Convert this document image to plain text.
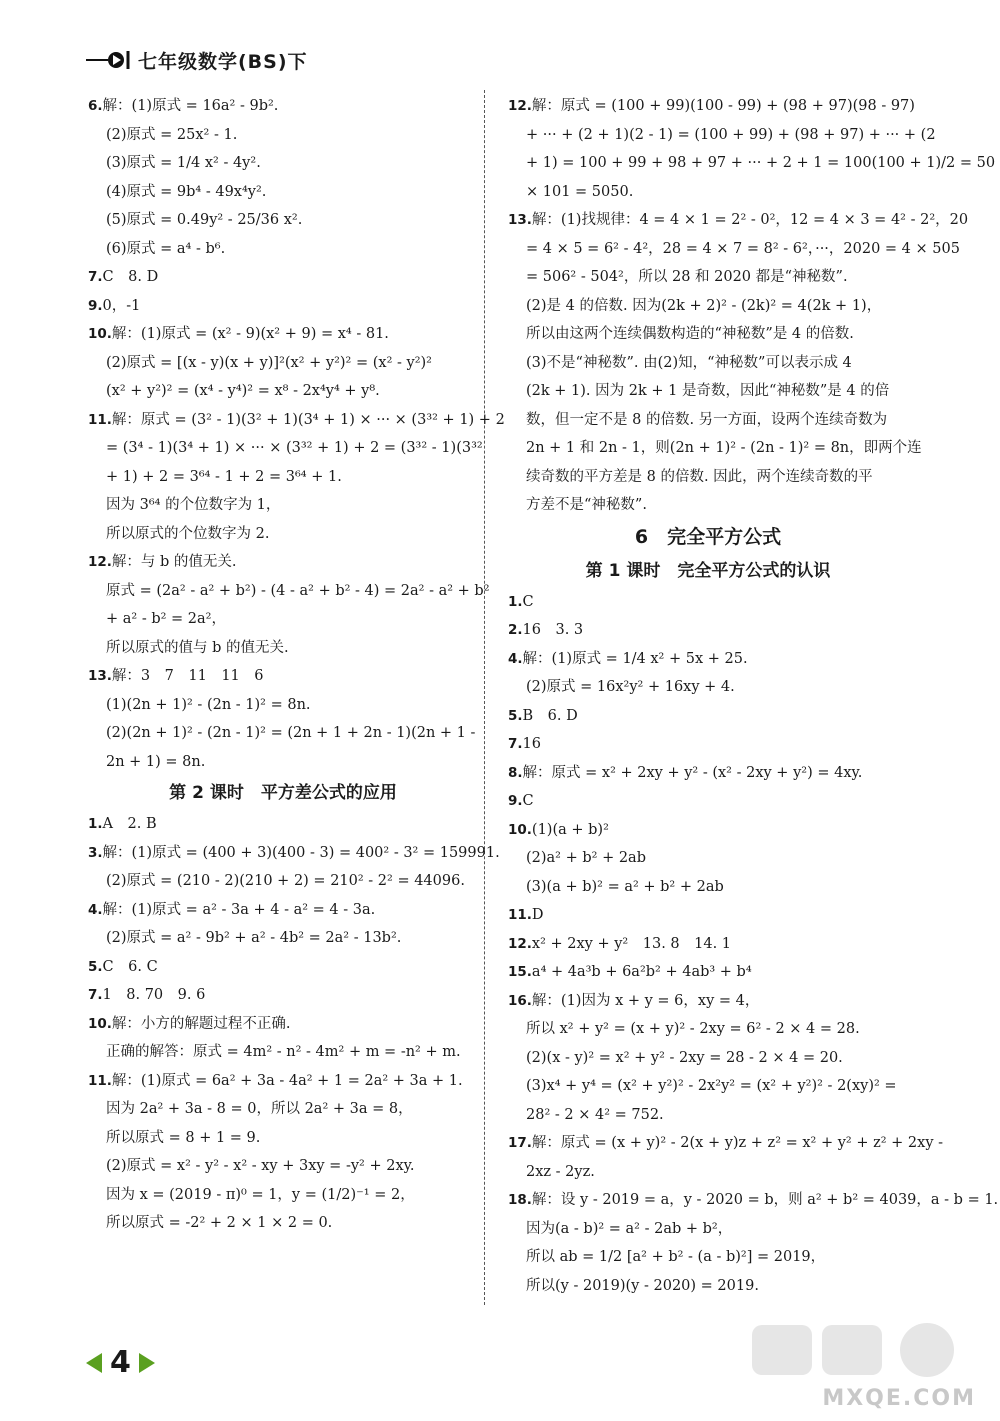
七年级数学(BS)下
6.解：(1)原式 = 16a² - 9b².
(2)原式 = 25x² - 1.
(3)原式 = 1/4 x² - 4y².
(4)原式 = 9b⁴ - 49x⁴y².
(5)原式 = 0.49y² - 25/36 x².
(6)原式 = a⁴ - b⁶.
7.C　8. D
9.0，-1
10.解：(1)原式 = (x² - 9)(x² + 9) = x⁴ - 81.
(2)原式 = [(x - y)(x + y)]²(x² + y²)² = (x² - y²)²
(x² + y²)² = (x⁴ - y⁴)² = x⁸ - 2x⁴y⁴ + y⁸.
11.解：原式 = (3² - 1)(3² + 1)(3⁴ + 1) × ··· × (3³² + 1) + 2
= (3⁴ - 1)(3⁴ + 1) × ··· × (3³² + 1) + 2 = (3³² - 1)(3³²
+ 1) + 2 = 3⁶⁴ - 1 + 2 = 3⁶⁴ + 1.
因为 3⁶⁴ 的个位数字为 1，
所以原式的个位数字为 2.
12.解：与 b 的值无关.
原式 = (2a² - a² + b²) - (4 - a² + b² - 4) = 2a² - a² + b²
+ a² - b² = 2a²，
所以原式的值与 b 的值无关.
13.解：3　7　11　11　6
(1)(2n + 1)² - (2n - 1)² = 8n.
(2)(2n + 1)² - (2n - 1)² = (2n + 1 + 2n - 1)(2n + 1 -
2n + 1) = 8n.
第 2 课时　平方差公式的应用
1.A　2. B
3.解：(1)原式 = (400 + 3)(400 - 3) = 400² - 3² = 159991.
(2)原式 = (210 - 2)(210 + 2) = 210² - 2² = 44096.
4.解：(1)原式 = a² - 3a + 4 - a² = 4 - 3a.
(2)原式 = a² - 9b² + a² - 4b² = 2a² - 13b².
5.C　6. C
7.1　8. 70　9. 6
10.解：小方的解题过程不正确.
正确的解答：原式 = 4m² - n² - 4m² + m = -n² + m.
11.解：(1)原式 = 6a² + 3a - 4a² + 1 = 2a² + 3a + 1.
因为 2a² + 3a - 8 = 0，所以 2a² + 3a = 8，
所以原式 = 8 + 1 = 9.
(2)原式 = x² - y² - x² - xy + 3xy = -y² + 2xy.
因为 x = (2019 - π)⁰ = 1，y = (1/2)⁻¹ = 2，
所以原式 = -2² + 2 × 1 × 2 = 0.
12.解：原式 = (100 + 99)(100 - 99) + (98 + 97)(98 - 97)
+ ··· + (2 + 1)(2 - 1) = (100 + 99) + (98 + 97) + ··· + (2
+ 1) = 100 + 99 + 98 + 97 + ··· + 2 + 1 = 100(100 + 1)/2 = 50
× 101 = 5050.
13.解：(1)找规律：4 = 4 × 1 = 2² - 0²，12 = 4 × 3 = 4² - 2²，20
= 4 × 5 = 6² - 4²，28 = 4 × 7 = 8² - 6²，···，2020 = 4 × 505
= 506² - 504²，所以 28 和 2020 都是“神秘数”.
(2)是 4 的倍数. 因为(2k + 2)² - (2k)² = 4(2k + 1)，
所以由这两个连续偶数构造的“神秘数”是 4 的倍数.
(3)不是“神秘数”. 由(2)知，“神秘数”可以表示成 4
(2k + 1). 因为 2k + 1 是奇数，因此“神秘数”是 4 的倍
数，但一定不是 8 的倍数. 另一方面，设两个连续奇数为
2n + 1 和 2n - 1，则(2n + 1)² - (2n - 1)² = 8n，即两个连
续奇数的平方差是 8 的倍数. 因此，两个连续奇数的平
方差不是“神秘数”.
6　完全平方公式
第 1 课时　完全平方公式的认识
1.C
2.16　3. 3
4.解：(1)原式 = 1/4 x² + 5x + 25.
(2)原式 = 16x²y² + 16xy + 4.
5.B　6. D
7.16
8.解：原式 = x² + 2xy + y² - (x² - 2xy + y²) = 4xy.
9.C
10.(1)(a + b)²
(2)a² + b² + 2ab
(3)(a + b)² = a² + b² + 2ab
11.D
12.x² + 2xy + y²　13. 8　14. 1
15.a⁴ + 4a³b + 6a²b² + 4ab³ + b⁴
16.解：(1)因为 x + y = 6，xy = 4，
所以 x² + y² = (x + y)² - 2xy = 6² - 2 × 4 = 28.
(2)(x - y)² = x² + y² - 2xy = 28 - 2 × 4 = 20.
(3)x⁴ + y⁴ = (x² + y²)² - 2x²y² = (x² + y²)² - 2(xy)² =
28² - 2 × 4² = 752.
17.解：原式 = (x + y)² - 2(x + y)z + z² = x² + y² + z² + 2xy -
2xz - 2yz.
18.解：设 y - 2019 = a，y - 2020 = b，则 a² + b² = 4039，a - b = 1.
因为(a - b)² = a² - 2ab + b²，
所以 ab = 1/2 [a² + b² - (a - b)²] = 2019，
所以(y - 2019)(y - 2020) = 2019.
4
MXQE.COM
